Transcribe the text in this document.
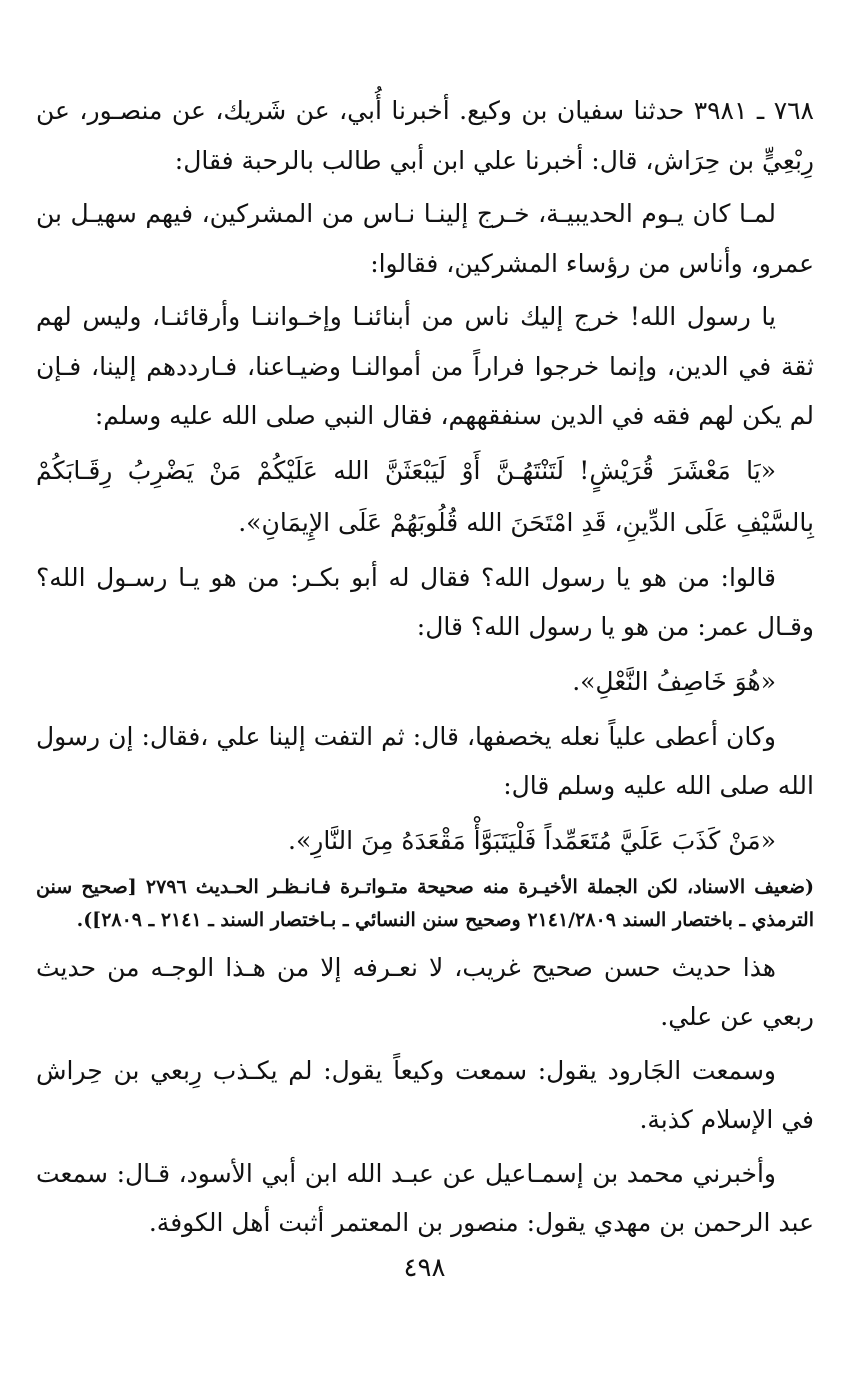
٧٦٨ ـ ٣٩٨١ حدثنا سفيان بن وكيع. أخبرنا أُبي، عن شَريك، عن منصـور، عن رِبْعِيٍّ بن حِرَاش، قال: أخبرنا علي ابن أبي طالب بالرحبة فقال:

لمـا كان يـوم الحديبيـة، خـرج إلينـا نـاس من المشركين، فيهم سهيـل بن عمرو، وأناس من رؤساء المشركين، فقالوا:

يا رسول الله! خرج إليك ناس من أبنائنـا وإخـواننـا وأرقائنـا، وليس لهم ثقة في الدين، وإنما خرجوا فراراً من أموالنـا وضيـاعنا، فـارددهم إلينا، فـإن لم يكن لهم فقه في الدين سنفقههم، فقال النبي صلى الله عليه وسلم:

«يَا مَعْشَرَ قُرَيْشٍ! لَتَنْتَهُـنَّ أَوْ لَيَبْعَثَنَّ الله عَلَيْكُمْ مَنْ يَضْرِبُ رِقَـابَكُمْ بِالسَّيْفِ عَلَى الدِّينِ، قَدِ امْتَحَنَ الله قُلُوبَهُمْ عَلَى الإِيمَانِ».

قالوا: من هو يا رسول الله؟ فقال له أبو بكـر: من هو يـا رسـول الله؟ وقـال عمر: من هو يا رسول الله؟ قال:

«هُوَ خَاصِفُ النَّعْلِ».

وكان أعطى علياً نعله يخصفها، قال: ثم التفت إلينا علي ،فقال: إن رسول الله صلى الله عليه وسلم قال:

«مَنْ كَذَبَ عَلَيَّ مُتَعَمِّداً فَلْيَتَبَوَّأْ مَقْعَدَهُ مِنَ النَّارِ».

(ضعيف الاسناد، لكن الجملة الأخيـرة منه صحيحة متـواتـرة فـانـظـر الحـديث ٢٧٩٦ [صحيح سنن الترمذي ـ باختصار السند ٢١٤١/٢٨٠٩ وصحيح سنن النسائي ـ بـاختصار السند ـ ٢١٤١ ـ ٢٨٠٩]).

هذا حديث حسن صحيح غريب، لا نعـرفه إلا من هـذا الوجـه من حديث ربعي عن علي.

وسمعت الجَارود يقول: سمعت وكيعاً يقول: لم يكـذب رِبعي بن حِراش في الإسلام كذبة.

وأخبرني محمد بن إسمـاعيل عن عبـد الله ابن أبي الأسود، قـال: سمعت عبد الرحمن بن مهدي يقول: منصور بن المعتمر أثبت أهل الكوفة.

٤٩٨
